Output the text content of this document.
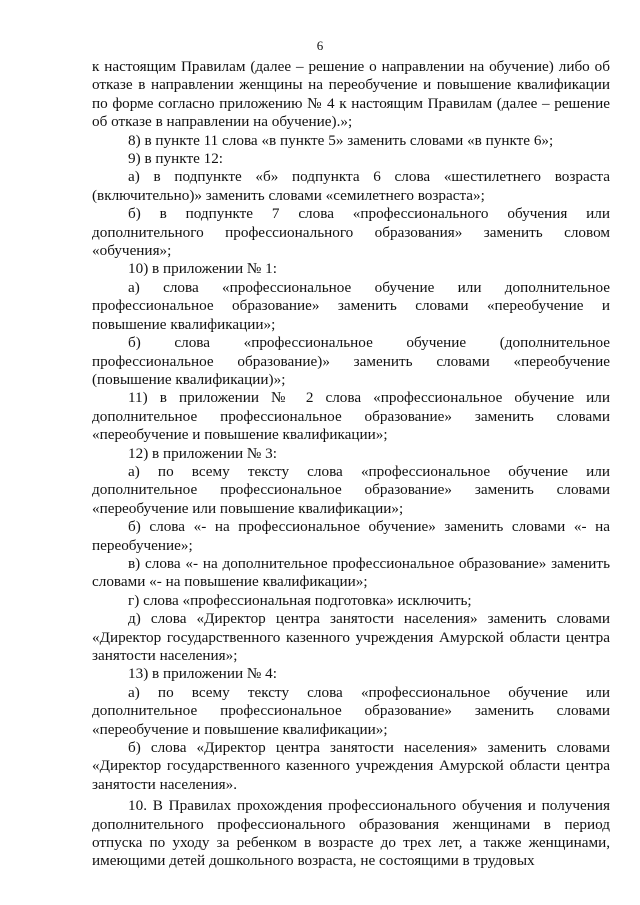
6

к настоящим Правилам (далее – решение о направлении на обучение) либо об отказе в направлении женщины на переобучение и повышение квалификации по форме согласно приложению № 4 к настоящим Правилам (далее – решение об отказе в направлении на обучение).»;

8) в пункте 11 слова «в пункте 5» заменить словами «в пункте 6»;

9) в пункте 12:

а) в подпункте «б» подпункта 6 слова «шестилетнего возраста (включительно)» заменить словами «семилетнего возраста»;

б) в подпункте 7 слова «профессионального обучения или дополнительного профессионального образования» заменить словом «обучения»;

10) в приложении № 1:

а) слова «профессиональное обучение или дополнительное профессиональное образование» заменить словами «переобучение и повышение квалификации»;

б) слова «профессиональное обучение (дополнительное профессиональное образование)» заменить словами «переобучение (повышение квалификации)»;

11) в приложении № 2 слова «профессиональное обучение или дополнительное профессиональное образование» заменить словами «переобучение и повышение квалификации»;

12) в приложении № 3:

а) по всему тексту слова «профессиональное обучение или дополнительное профессиональное образование» заменить словами «переобучение или повышение квалификации»;

б) слова «- на профессиональное обучение» заменить словами «- на переобучение»;

в) слова «- на дополнительное профессиональное образование» заменить словами «- на повышение квалификации»;

г) слова «профессиональная подготовка» исключить;

д) слова «Директор центра занятости населения» заменить словами «Директор государственного казенного учреждения Амурской области центра занятости населения»;

13) в приложении № 4:

а) по всему тексту слова «профессиональное обучение или дополнительное профессиональное образование» заменить словами «переобучение и повышение квалификации»;

б) слова «Директор центра занятости населения» заменить словами «Директор государственного казенного учреждения Амурской области центра занятости населения».

10. В Правилах прохождения профессионального обучения и получения дополнительного профессионального образования женщинами в период отпуска по уходу за ребенком в возрасте до трех лет, а также женщинами, имеющими детей дошкольного возраста, не состоящими в трудовых
